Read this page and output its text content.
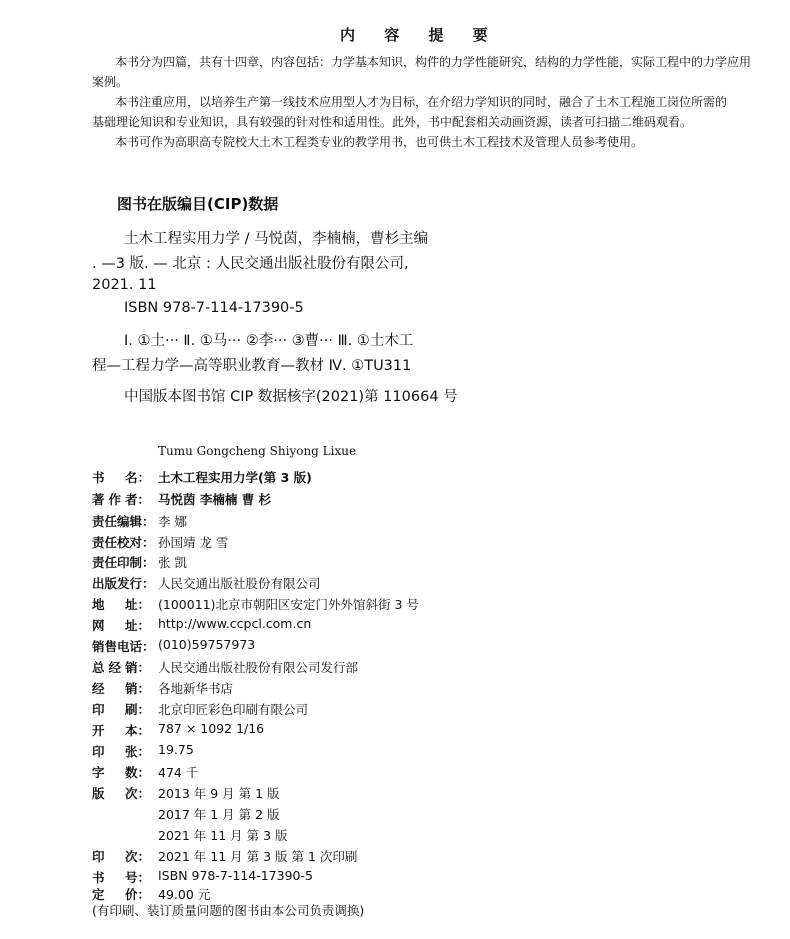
内 容 提 要
本书分为四篇，共有十四章，内容包括：力学基本知识，构件的力学性能研究，结构的力学性能，实际工程中的力学应用
案例。
本书注重应用，以培养生产第一线技术应用型人才为目标，在介绍力学知识的同时，融合了土木工程施工岗位所需的
基础理论知识和专业知识，具有较强的针对性和适用性。此外，书中配套相关动画资源，读者可扫描二维码观看。
本书可作为高职高专院校大土木工程类专业的教学用书，也可供土木工程技术及管理人员参考使用。
图书在版编目(CIP)数据
土木工程实用力学 / 马悦茵，李楠楠，曹杉主编
. —3 版. — 北京 : 人民交通出版社股份有限公司,
2021. 11
ISBN 978-7-114-17390-5
Ⅰ. ①土··· Ⅱ. ①马··· ②李··· ③曹··· Ⅲ. ①土木工
程—工程力学—高等职业教育—教材 Ⅳ. ①TU311
中国版本图书馆 CIP 数据核字(2021)第 110664 号
Tumu Gongcheng Shiyong Lixue
书 名： 土木工程实用力学(第 3 版)
著 作 者： 马悦茵 李楠楠 曹 杉
责 任 编 辑： 李 娜
责 任 校 对： 孙国靖 龙 雪
责 任 印 制： 张 凯
出 版 发 行： 人民交通出版社股份有限公司
地 址： (100011)北京市朝阳区安定门外外馆斜街 3 号
网 址： http://www.ccpcl.com.cn
销 售 电 话： (010)59757973
总 经 销： 人民交通出版社股份有限公司发行部
经 销： 各地新华书店
印 刷： 北京印匠彩色印刷有限公司
开 本： 787 × 1092 1/16
印 张： 19.75
字 数： 474 千
版 次： 2013 年 9 月 第 1 版
2017 年 1 月 第 2 版
2021 年 11 月 第 3 版
印 次： 2021 年 11 月 第 3 版 第 1 次印刷
书 号： ISBN 978-7-114-17390-5
定 价： 49.00 元
(有印刷、装订质量问题的图书由本公司负责调换)
